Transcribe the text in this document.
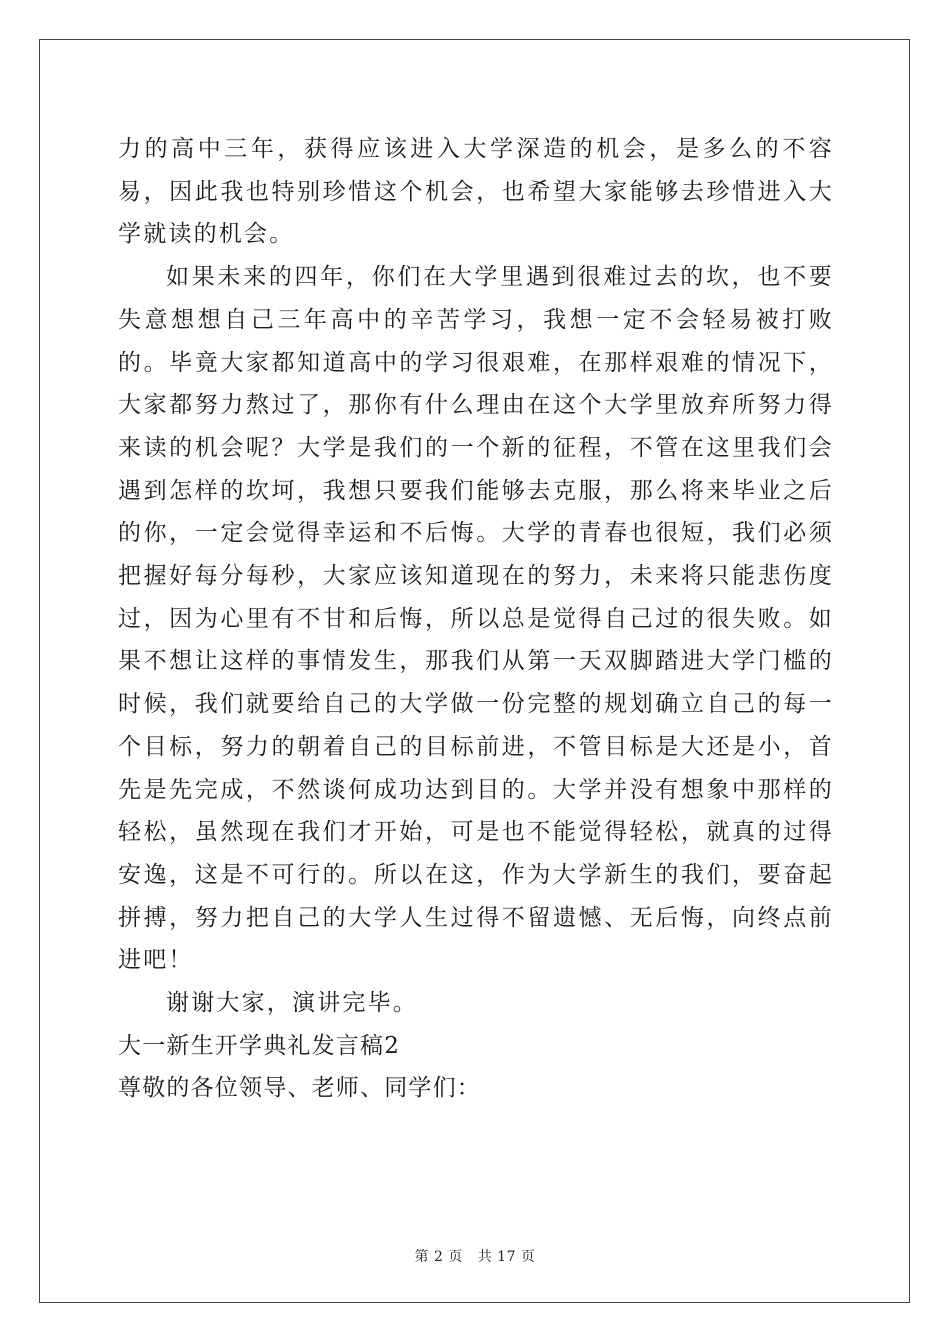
力的高中三年，获得应该进入大学深造的机会，是多么的不容易，因此我也特别珍惜这个机会，也希望大家能够去珍惜进入大学就读的机会。

如果未来的四年，你们在大学里遇到很难过去的坎，也不要失意想想自己三年高中的辛苦学习，我想一定不会轻易被打败的。毕竟大家都知道高中的学习很艰难，在那样艰难的情况下，大家都努力熬过了，那你有什么理由在这个大学里放弃所努力得来读的机会呢？大学是我们的一个新的征程，不管在这里我们会遇到怎样的坎坷，我想只要我们能够去克服，那么将来毕业之后的你，一定会觉得幸运和不后悔。大学的青春也很短，我们必须把握好每分每秒，大家应该知道现在的努力，未来将只能悲伤度过，因为心里有不甘和后悔，所以总是觉得自己过的很失败。如果不想让这样的事情发生，那我们从第一天双脚踏进大学门槛的时候，我们就要给自己的大学做一份完整的规划确立自己的每一个目标，努力的朝着自己的目标前进，不管目标是大还是小，首先是先完成，不然谈何成功达到目的。大学并没有想象中那样的轻松，虽然现在我们才开始，可是也不能觉得轻松，就真的过得安逸，这是不可行的。所以在这，作为大学新生的我们，要奋起拼搏，努力把自己的大学人生过得不留遗憾、无后悔，向终点前进吧！

谢谢大家，演讲完毕。

大一新生开学典礼发言稿2

尊敬的各位领导、老师、同学们：

第 2 页 共 17 页
